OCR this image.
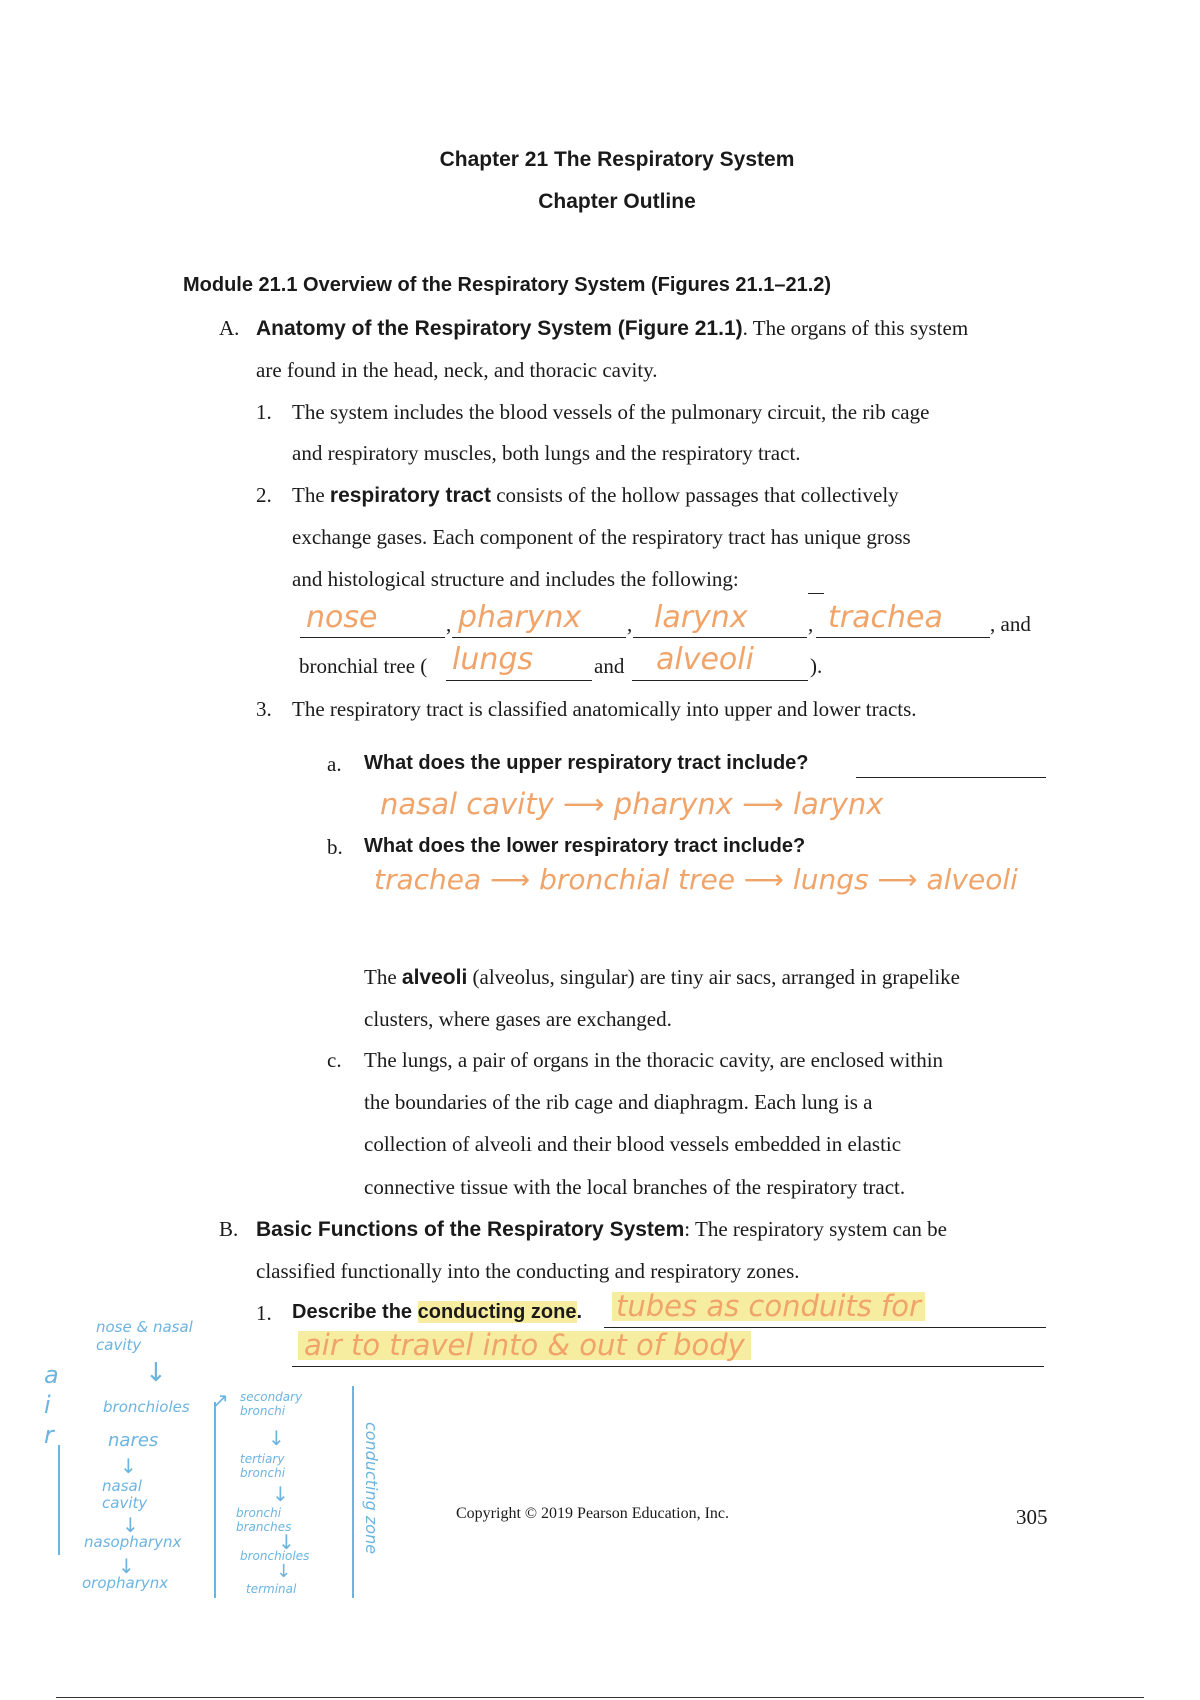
Chapter 21 The Respiratory System
Chapter Outline
Module 21.1 Overview of the Respiratory System (Figures 21.1–21.2)
A. Anatomy of the Respiratory System (Figure 21.1). The organs of this system
are found in the head, neck, and thoracic cavity.
1. The system includes the blood vessels of the pulmonary circuit, the rib cage
and respiratory muscles, both lungs and the respiratory tract.
2. The respiratory tract consists of the hollow passages that collectively
exchange gases. Each component of the respiratory tract has unique gross
and histological structure and includes the following:
nose	, pharynx , larynx	, trachea , and
bronchial tree ( lungs	and alveoli	).
3. The respiratory tract is classified anatomically into upper and lower tracts.
a. What does the upper respiratory tract include?
nasal cavity ⟶ pharynx ⟶ larynx
b. What does the lower respiratory tract include?
trachea ⟶ bronchial tree ⟶ lungs ⟶ alveoli
The alveoli (alveolus, singular) are tiny air sacs, arranged in grapelike
clusters, where gases are exchanged.
c. The lungs, a pair of organs in the thoracic cavity, are enclosed within
the boundaries of the rib cage and diaphragm. Each lung is a
collection of alveoli and their blood vessels embedded in elastic
connective tissue with the local branches of the respiratory tract.
B. Basic Functions of the Respiratory System: The respiratory system can be
classified functionally into the conducting and respiratory zones.
1. Describe the conducting zone. tubes as conduits for
air to travel into & out of body
a i r
nose & nasal cavity
↓
bronchioles
nares
↓
nasal cavity
↓
nasopharynx
↓
oropharynx
↗ secondary bronchi
↓
tertiary bronchi
↓
bronchi branches
↓
bronchioles
↓
terminal
conducting zone	Copyright © 2019 Pearson Education, Inc.	305
